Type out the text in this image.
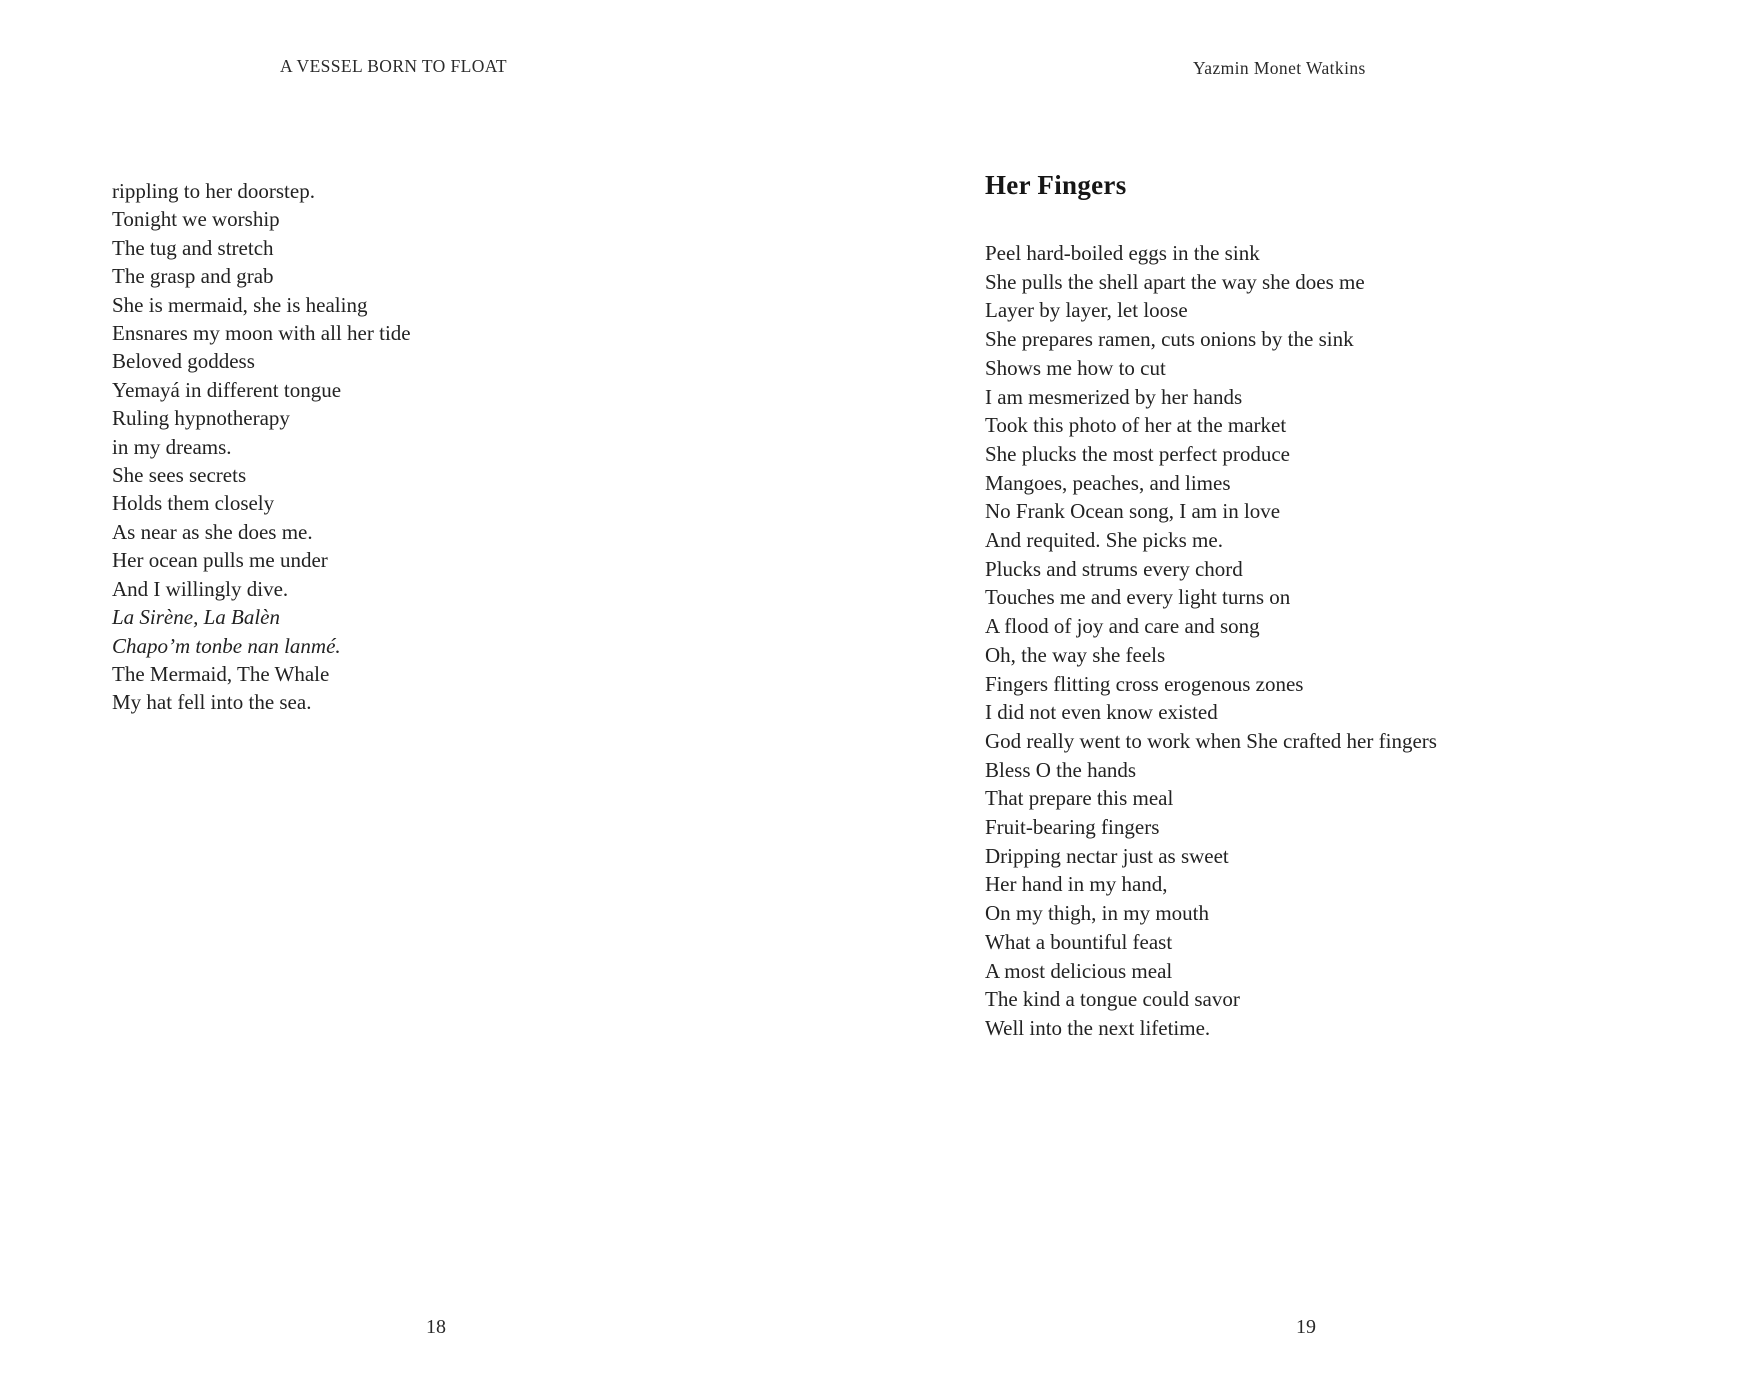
A VESSEL BORN TO FLOAT	Yazmin Monet Watkins
rippling to her doorstep.
Tonight we worship
The tug and stretch
The grasp and grab
She is mermaid, she is healing
Ensnares my moon with all her tide
Beloved goddess
Yemayá in different tongue
Ruling hypnotherapy
in my dreams.
She sees secrets
Holds them closely
As near as she does me.
Her ocean pulls me under
And I willingly dive.
La Sirène, La Balèn
Chapo’m tonbe nan lanmé.
The Mermaid, The Whale
My hat fell into the sea.
Her Fingers
Peel hard-boiled eggs in the sink
She pulls the shell apart the way she does me
Layer by layer, let loose
She prepares ramen, cuts onions by the sink
Shows me how to cut
I am mesmerized by her hands
Took this photo of her at the market
She plucks the most perfect produce
Mangoes, peaches, and limes
No Frank Ocean song, I am in love
And requited. She picks me.
Plucks and strums every chord
Touches me and every light turns on
A flood of joy and care and song
Oh, the way she feels
Fingers flitting cross erogenous zones
I did not even know existed
God really went to work when She crafted her fingers
Bless O the hands
That prepare this meal
Fruit-bearing fingers
Dripping nectar just as sweet
Her hand in my hand,
On my thigh, in my mouth
What a bountiful feast
A most delicious meal
The kind a tongue could savor
Well into the next lifetime.
18	19
